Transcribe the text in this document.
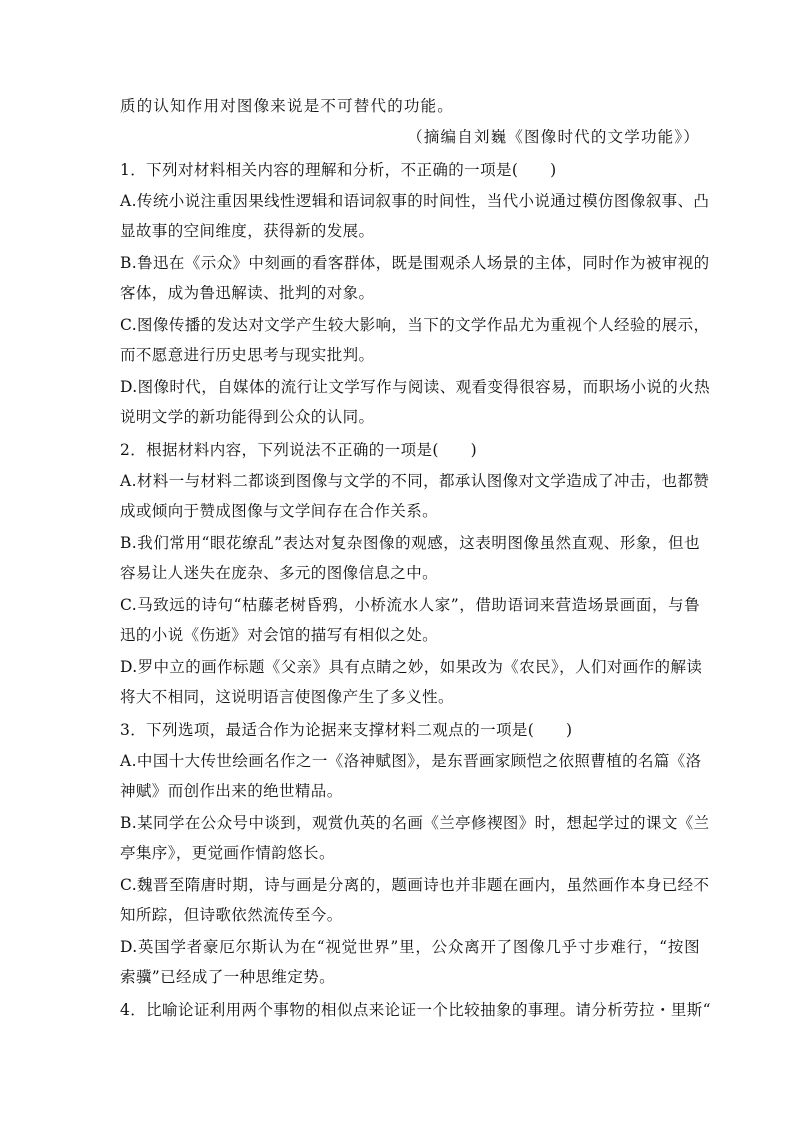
质的认知作用对图像来说是不可替代的功能。
（摘编自刘巍《图像时代的文学功能》）
1．下列对材料相关内容的理解和分析，不正确的一项是(　　)
A.传统小说注重因果线性逻辑和语词叙事的时间性，当代小说通过模仿图像叙事、凸
显故事的空间维度，获得新的发展。
B.鲁迅在《示众》中刻画的看客群体，既是围观杀人场景的主体，同时作为被审视的
客体，成为鲁迅解读、批判的对象。
C.图像传播的发达对文学产生较大影响，当下的文学作品尤为重视个人经验的展示，
而不愿意进行历史思考与现实批判。
D.图像时代，自媒体的流行让文学写作与阅读、观看变得很容易，而职场小说的火热
说明文学的新功能得到公众的认同。
2．根据材料内容，下列说法不正确的一项是(　　)
A.材料一与材料二都谈到图像与文学的不同，都承认图像对文学造成了冲击，也都赞
成或倾向于赞成图像与文学间存在合作关系。
B.我们常用“眼花缭乱”表达对复杂图像的观感，这表明图像虽然直观、形象，但也
容易让人迷失在庞杂、多元的图像信息之中。
C.马致远的诗句“枯藤老树昏鸦，小桥流水人家”，借助语词来营造场景画面，与鲁
迅的小说《伤逝》对会馆的描写有相似之处。
D.罗中立的画作标题《父亲》具有点睛之妙，如果改为《农民》，人们对画作的解读
将大不相同，这说明语言使图像产生了多义性。
3．下列选项，最适合作为论据来支撑材料二观点的一项是(　　)
A.中国十大传世绘画名作之一《洛神赋图》，是东晋画家顾恺之依照曹植的名篇《洛
神赋》而创作出来的绝世精品。
B.某同学在公众号中谈到，观赏仇英的名画《兰亭修禊图》时，想起学过的课文《兰
亭集序》，更觉画作情韵悠长。
C.魏晋至隋唐时期，诗与画是分离的，题画诗也并非题在画内，虽然画作本身已经不
知所踪，但诗歌依然流传至今。
D.英国学者豪厄尔斯认为在“视觉世界”里，公众离开了图像几乎寸步难行，“按图
索骥”已经成了一种思维定势。
4．比喻论证利用两个事物的相似点来论证一个比较抽象的事理。请分析劳拉・里斯“
